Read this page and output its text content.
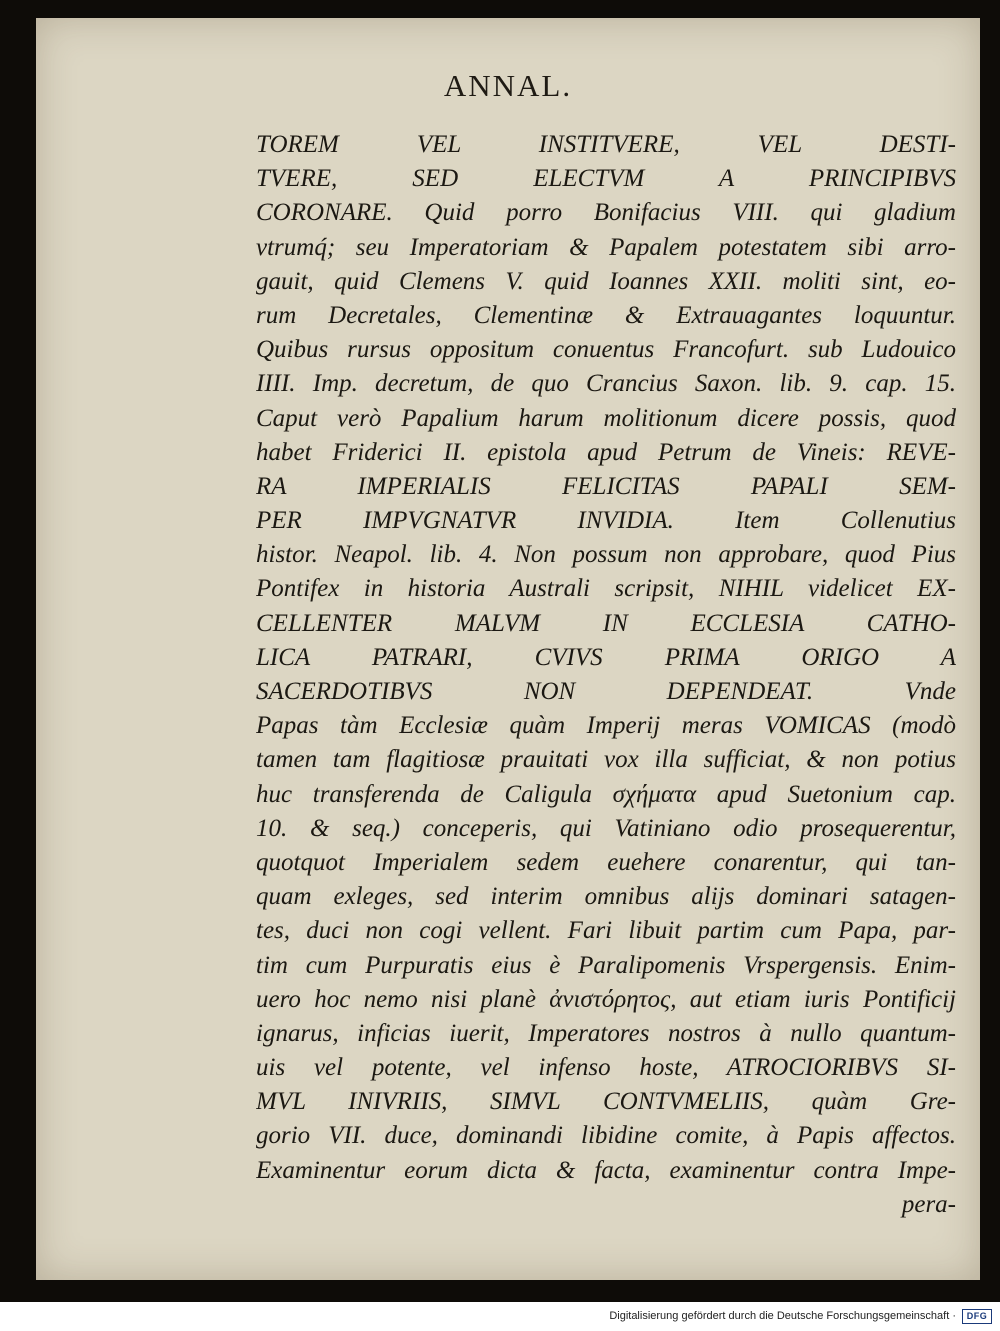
ANNAL.
TOREM VEL INSTITVERE, VEL DESTI-
TVERE, SED ELECTVM A PRINCIPIBVS
CORONARE. Quid porro Bonifacius VIII. qui gladium
vtrumq́; seu Imperatoriam & Papalem potestatem sibi arro-
gauit, quid Clemens V. quid Ioannes XXII. moliti sint, eo-
rum Decretales, Clementinæ & Extrauagantes loquuntur.
Quibus rursus oppositum conuentus Francofurt. sub Ludouico
IIII. Imp. decretum, de quo Crancius Saxon. lib. 9. cap. 15.
Caput verò Papalium harum molitionum dicere possis, quod
habet Friderici II. epistola apud Petrum de Vineis: REVE-
RA IMPERIALIS FELICITAS PAPALI SEM-
PER IMPVGNATVR INVIDIA. Item Collenutius
histor. Neapol. lib. 4. Non possum non approbare, quod Pius
Pontifex in historia Australi scripsit, NIHIL videlicet EX-
CELLENTER MALVM IN ECCLESIA CATHO-
LICA PATRARI, CVIVS PRIMA ORIGO A
SACERDOTIBVS NON DEPENDEAT. Vnde
Papas tàm Ecclesiæ quàm Imperij meras VOMICAS (modò
tamen tam flagitiosæ prauitati vox illa sufficiat, & non potius
huc transferenda de Caligula σχήματα apud Suetonium cap.
10. & seq.) conceperis, qui Vatiniano odio prosequerentur,
quotquot Imperialem sedem euehere conarentur, qui tan-
quam exleges, sed interim omnibus alijs dominari satagen-
tes, duci non cogi vellent. Fari libuit partim cum Papa, par-
tim cum Purpuratis eius è Paralipomenis Vrspergensis. Enim-
uero hoc nemo nisi planè ἀνιστόρητος, aut etiam iuris Pontificij
ignarus, inficias iuerit, Imperatores nostros à nullo quantum-
uis vel potente, vel infenso hoste, ATROCIORIBVS SI-
MVL INIVRIIS, SIMVL CONTVMELIIS, quàm Gre-
gorio VII. duce, dominandi libidine comite, à Papis affectos.
Examinentur eorum dicta & facta, examinentur contra Impe-
pera-
Digitalisierung gefördert durch die Deutsche Forschungsgemeinschaft ·	DFG
